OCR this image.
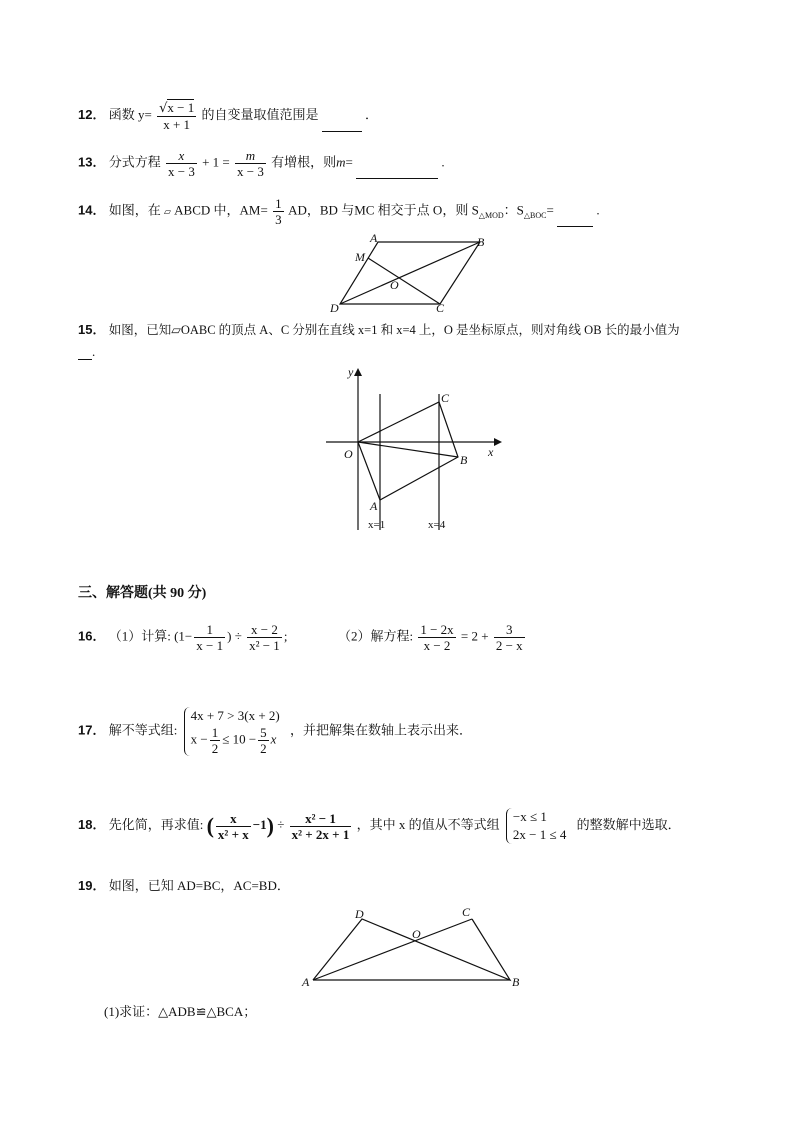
12． 函数 $y= \frac{√x - 1}{x + 1}$ 的自变量取值范围是	．
13． 分式方程 $\frac{x}{x - 3} + 1 = \frac{m}{x - 3}$ 有增根，则m=	.
14． 如图，在 ▱ ABCD 中，$AM= \frac{1}{3}$ AD，BD 与MC 相交于点 O，则 $S_{\triangle MOD}$：$S_{\triangle BOC}=$	.
A	B
C
D
M
O
15． 如图，已知▱OABC 的顶点 A、C 分别在直线 x=1 和 x=4 上，O 是坐标原点，则对角线 OB 长的最小值为
.
y
x
O
A
B
C
x=1	x=4
三、解答题(共 90 分)
16． （1）计算: ($1- \frac{1}{x - 1}$ ) ÷ $\frac{x - 2}{\text{x² − 1}}$ ;	（2）解方程: $\frac{1 - 2x}{x - 2} = 2 + \frac{3}{2 - x}$
17． 解不等式组:
4x + 7 > 3(x + 2)
$x - \frac{1}{2} \le 10 - \frac{5}{2}$ x
，并把解集在数轴上表示出来．
18． 先化简，再求值: ( $\frac{x}{\text{x² + x}} -1) \div \frac{\text{x² − 1}}{\text{x² + 2x + 1}}$ ，其中 x 的值从不等式组
−x ≤ 1
2x − 1 ≤ 4
的整数解中选取．
19． 如图，已知 AD=BC，AC=BD．
A	B
C
D
O
(1)求证：△ADB≌△BCA；
